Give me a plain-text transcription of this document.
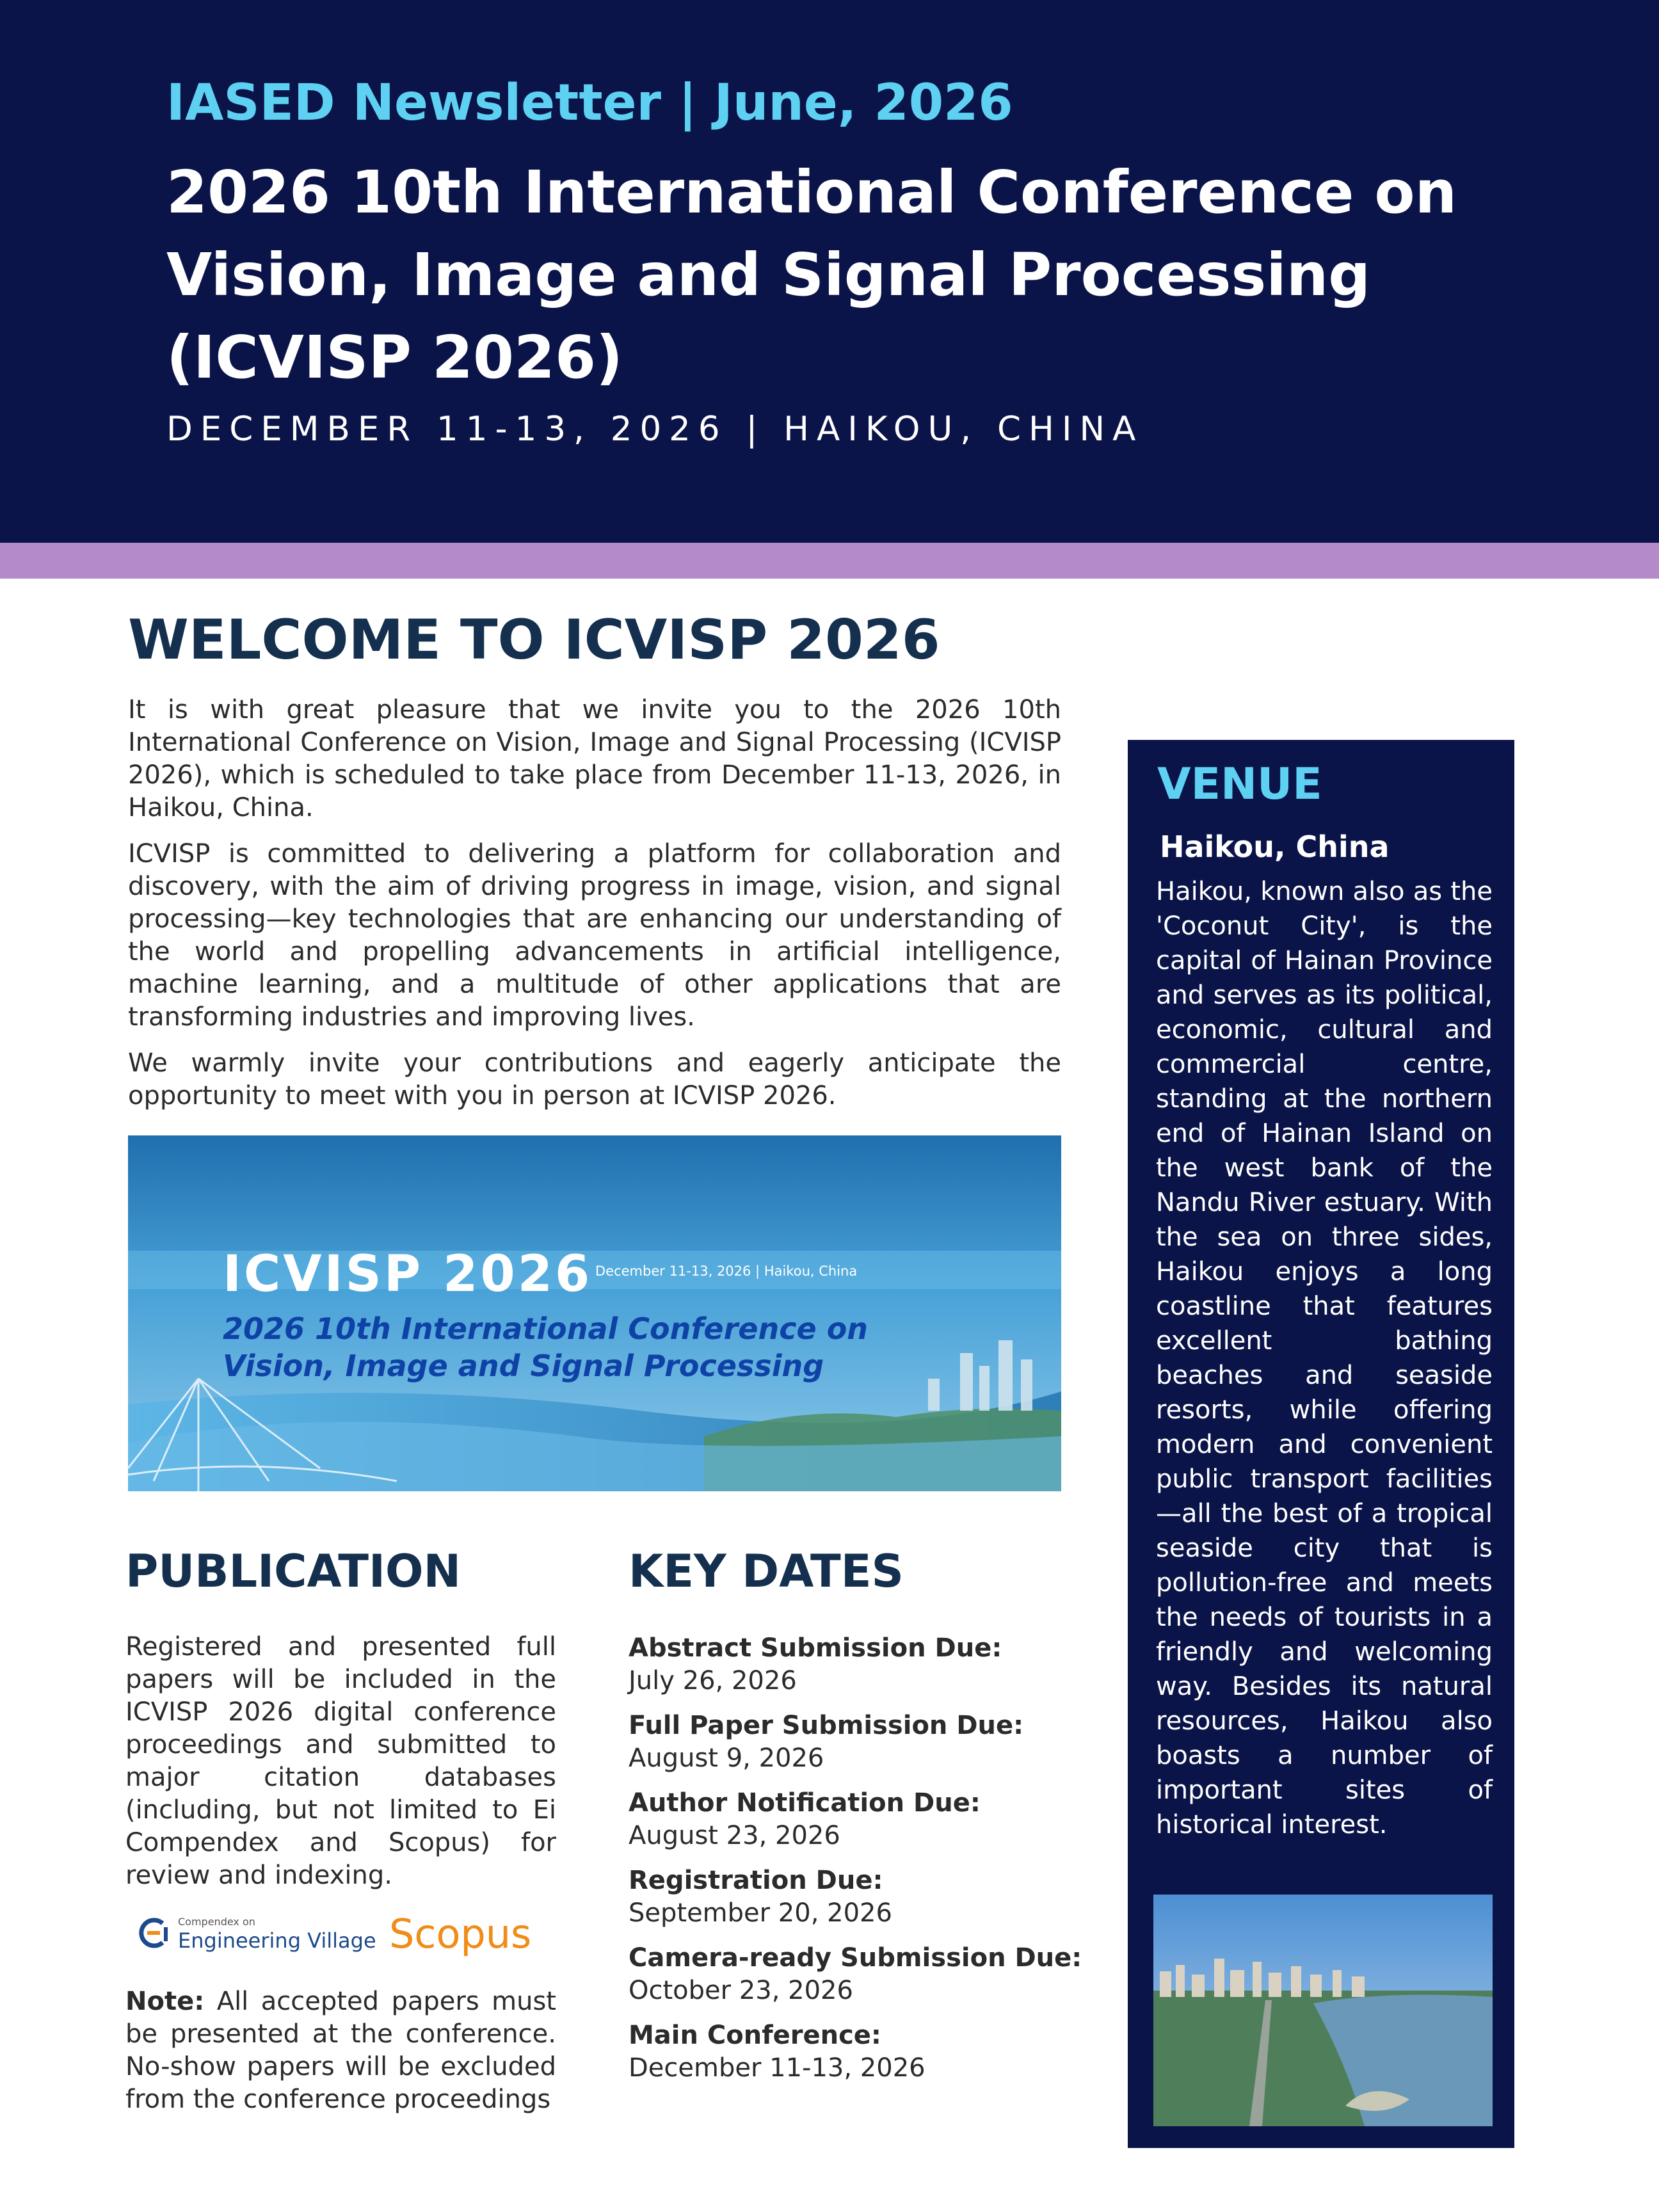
IASED Newsletter | June, 2026
2026 10th International Conference on Vision, Image and Signal Processing (ICVISP 2026)
DECEMBER 11-13, 2026 | HAIKOU, CHINA
WELCOME TO ICVISP 2026

It is with great pleasure that we invite you to the 2026 10th International Conference on Vision, Image and Signal Processing (ICVISP 2026), which is scheduled to take place from December 11-13, 2026, in Haikou, China.

ICVISP is committed to delivering a platform for collaboration and discovery, with the aim of driving progress in image, vision, and signal processing—key technologies that are enhancing our understanding of the world and propelling advancements in artificial intelligence, machine learning, and a multitude of other applications that are transforming industries and improving lives.

We warmly invite your contributions and eagerly anticipate the opportunity to meet with you in person at ICVISP 2026.

ICVISP 2026 December 11-13, 2026 | Haikou, China
2026 10th International Conference on
Vision, Image and Signal Processing
PUBLICATION

Registered and presented full papers will be included in the ICVISP 2026 digital conference proceedings and submitted to major citation databases (including, but not limited to Ei Compendex and Scopus) for review and indexing.

Compendex on
Engineering Village Scopus

Note: All accepted papers must be presented at the conference. No-show papers will be excluded from the conference proceedings

KEY DATES
Abstract Submission Due:
July 26, 2026
Full Paper Submission Due:
August 9, 2026
Author Notification Due:
August 23, 2026
Registration Due:
September 20, 2026
Camera-ready Submission Due:
October 23, 2026
Main Conference:
December 11-13, 2026
VENUE
Haikou, China

Haikou, known also as the 'Coconut City', is the capital of Hainan Province and serves as its political, economic, cultural and commercial centre, standing at the northern end of Hainan Island on the west bank of the Nandu River estuary. With the sea on three sides, Haikou enjoys a long coastline that features excellent bathing beaches and seaside resorts, while offering modern and convenient public transport facilities—all the best of a tropical seaside city that is pollution-free and meets the needs of tourists in a friendly and welcoming way. Besides its natural resources, Haikou also boasts a number of important sites of historical interest.
